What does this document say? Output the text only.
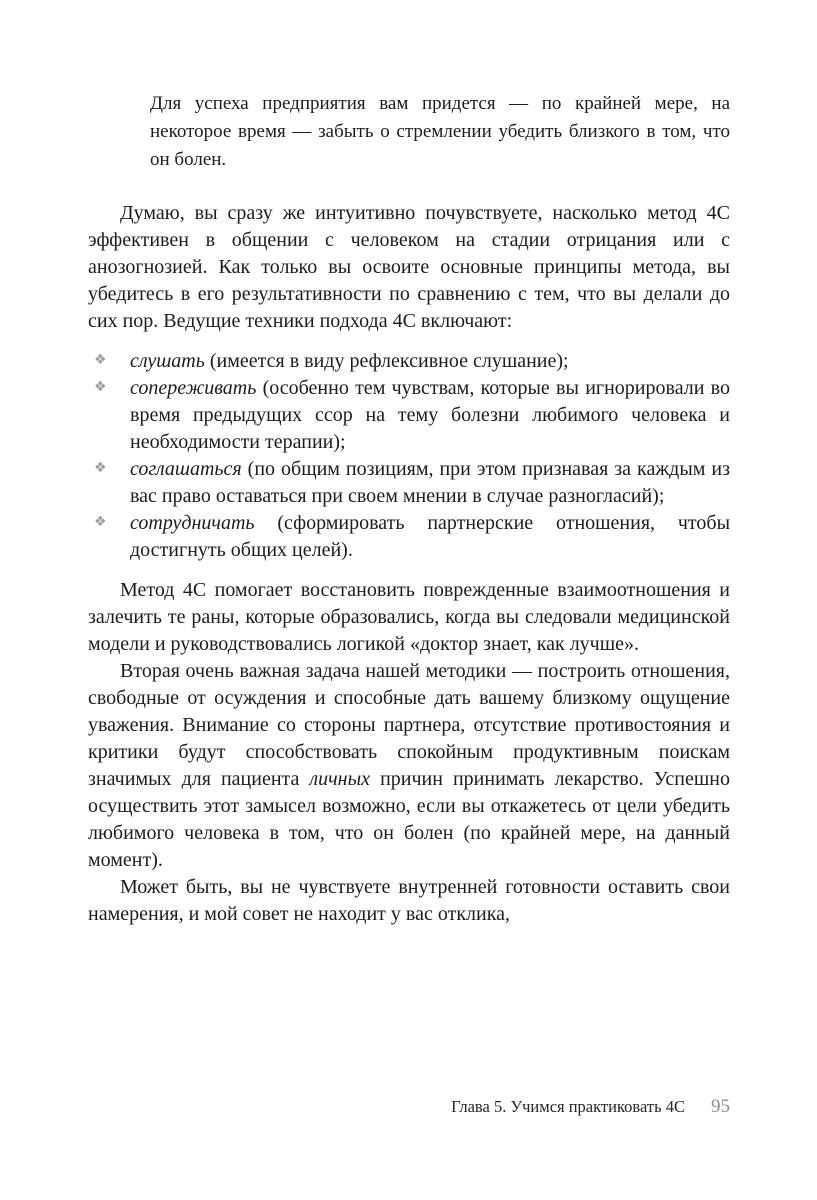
Для успеха предприятия вам придется — по крайней мере, на некоторое время — забыть о стремлении убедить близкого в том, что он болен.
Думаю, вы сразу же интуитивно почувствуете, насколько метод 4С эффективен в общении с человеком на стадии отрицания или с анозогнозией. Как только вы освоите основные принципы метода, вы убедитесь в его результативности по сравнению с тем, что вы делали до сих пор. Ведущие техники подхода 4С включают:
❖ слушать (имеется в виду рефлексивное слушание);
❖ сопереживать (особенно тем чувствам, которые вы игнорировали во время предыдущих ссор на тему болезни любимого человека и необходимости терапии);
❖ соглашаться (по общим позициям, при этом признавая за каждым из вас право оставаться при своем мнении в случае разногласий);
❖ сотрудничать (сформировать партнерские отношения, чтобы достигнуть общих целей).
Метод 4С помогает восстановить поврежденные взаимоотношения и залечить те раны, которые образовались, когда вы следовали медицинской модели и руководствовались логикой «доктор знает, как лучше».
Вторая очень важная задача нашей методики — построить отношения, свободные от осуждения и способные дать вашему близкому ощущение уважения. Внимание со стороны партнера, отсутствие противостояния и критики будут способствовать спокойным продуктивным поискам значимых для пациента личных причин принимать лекарство. Успешно осуществить этот замысел возможно, если вы откажетесь от цели убедить любимого человека в том, что он болен (по крайней мере, на данный момент).
Может быть, вы не чувствуете внутренней готовности оставить свои намерения, и мой совет не находит у вас отклика,
Глава 5. Учимся практиковать 4С 95
